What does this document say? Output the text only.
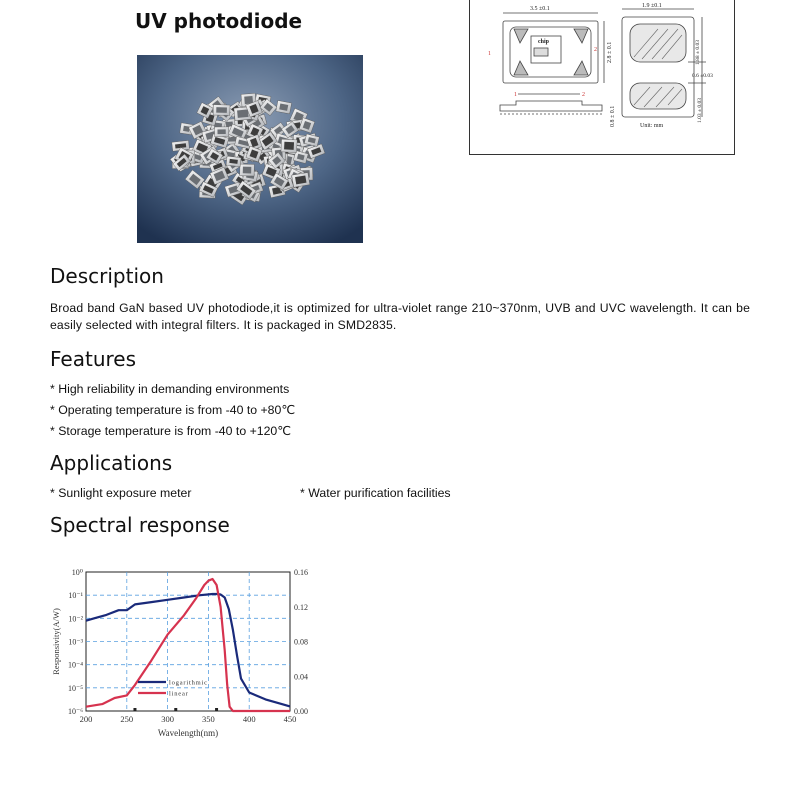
UV photodiode	3.5 ±0.1	1.9 ±0.1
chip
1
2
1	2
Unit: mm
0.6 ±0.03
2.8 ± 0.1	1.88 ± 0.03
1.03 ± 0.03
0.8 ± 0.1
Description
Broad band GaN based UV photodiode,it is optimized for ultra-violet range 210~370nm, UVB and UVC wavelength. It can be easily selected with integral filters. It is packaged in SMD2835.
Features
* High reliability in demanding environments
* Operating temperature is from -40 to +80℃
* Storage temperature is from -40 to +120℃
Applications
* Sunlight exposure meter	* Water purification facilities
Spectral response
200	250	300	350	400	450
10⁰
10⁻¹
10⁻²
10⁻³
10⁻⁴
10⁻⁵
10⁻⁶
0.16
0.12
0.08
0.04
0.00
Wavelength(nm)
Responsivity(A/W)
logarithmic
linear
